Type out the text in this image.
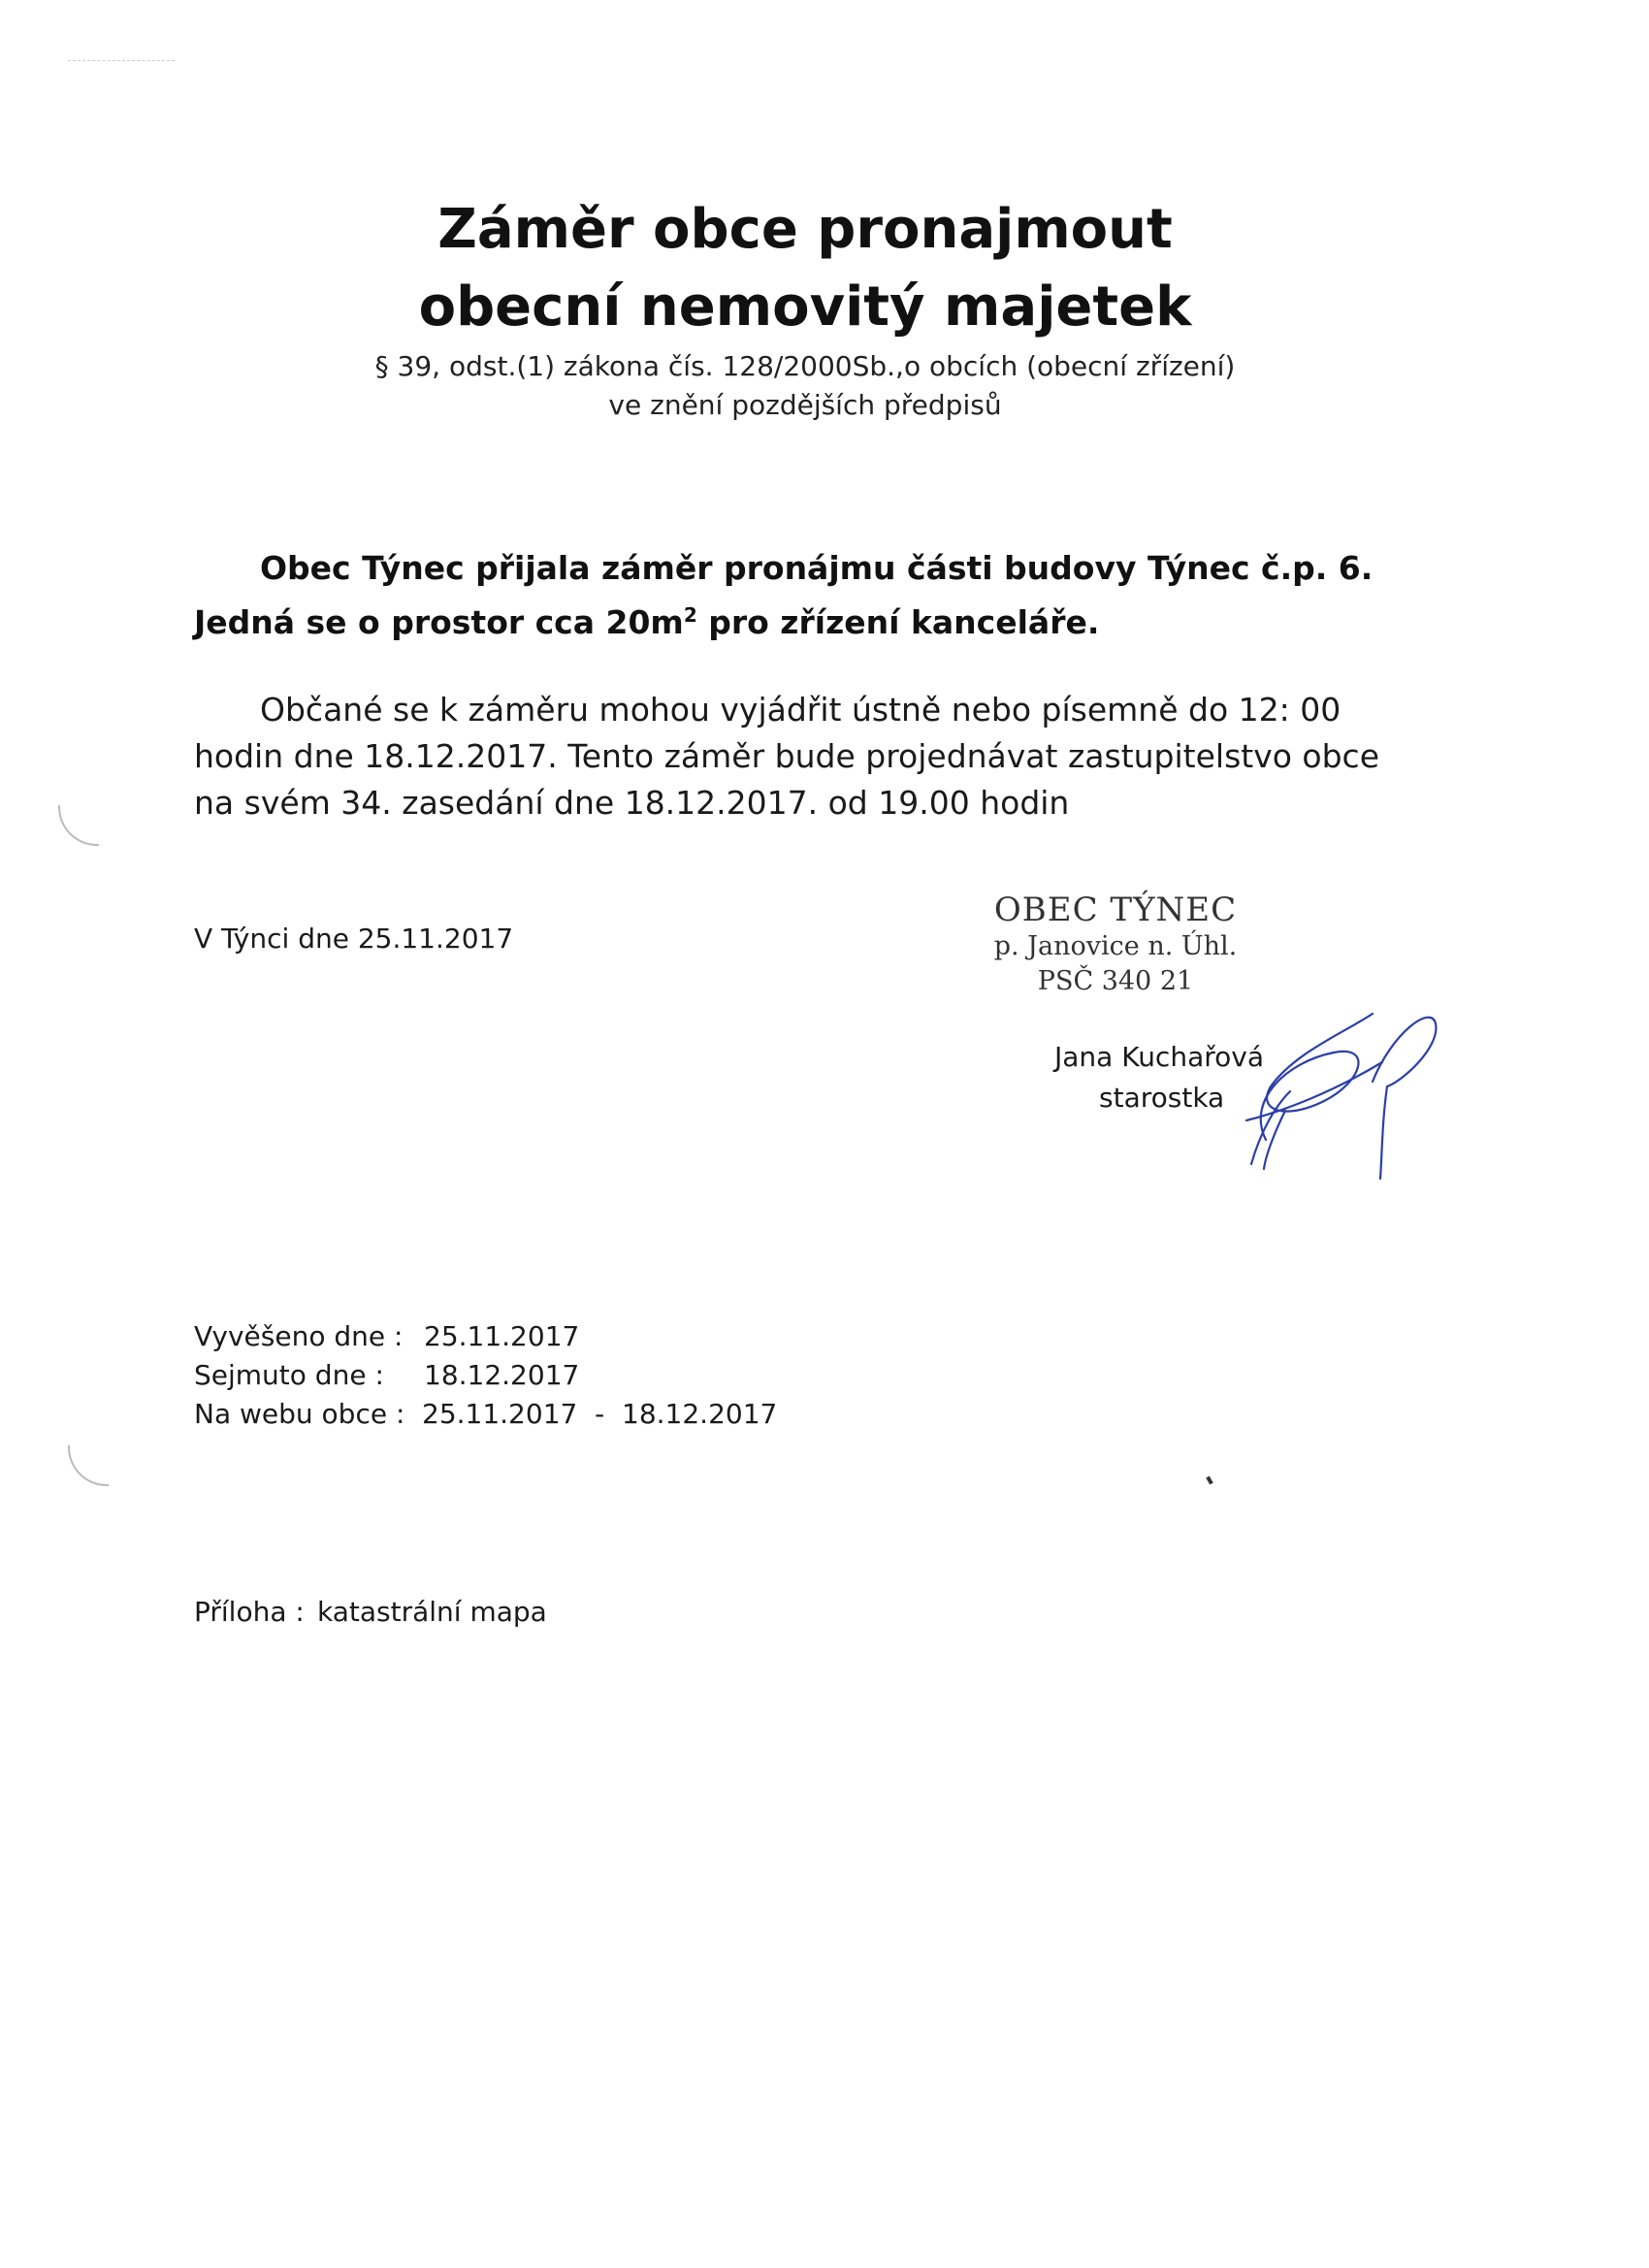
Záměr obce pronajmout
obecní nemovitý majetek
§ 39, odst.(1) zákona čís. 128/2000Sb.,o obcích (obecní zřízení)
ve znění pozdějších předpisů
Obec Týnec přijala záměr pronájmu části budovy Týnec č.p. 6. Jedná se o prostor cca $20m^2$ pro zřízení kanceláře.
Občané se k záměru mohou vyjádřit ústně nebo písemně do 12: 00 hodin dne 18.12.2017. Tento záměr bude projednávat zastupitelstvo obce na svém 34. zasedání dne 18.12.2017. od 19.00 hodin
V Týnci dne 25.11.2017
OBEC TÝNEC
p. Janovice n. Úhl.
PSČ 340 21
Jana Kuchařová
starostka
Vyvěšeno dne : 25.11.2017
Sejmuto dne : 18.12.2017
Na webu obce : 25.11.2017  -  18.12.2017
Příloha : katastrální mapa
